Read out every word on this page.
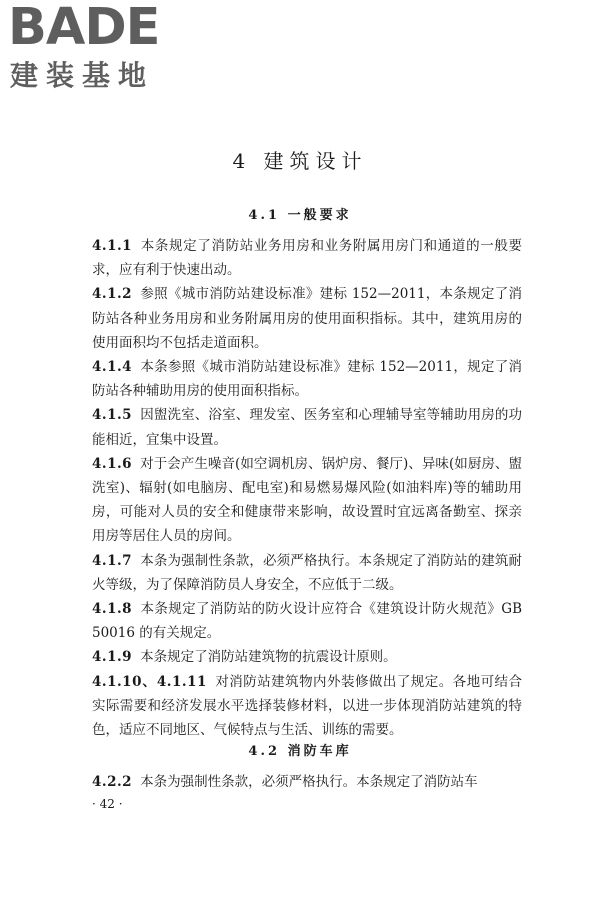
BADE
建装基地
4 建筑设计
4.1 一般要求

4.1.1 本条规定了消防站业务用房和业务附属用房门和通道的一般要求，应有利于快速出动。

4.1.2 参照《城市消防站建设标准》建标 152—2011，本条规定了消防站各种业务用房和业务附属用房的使用面积指标。其中，建筑用房的使用面积均不包括走道面积。

4.1.4 本条参照《城市消防站建设标准》建标 152—2011，规定了消防站各种辅助用房的使用面积指标。

4.1.5 因盥洗室、浴室、理发室、医务室和心理辅导室等辅助用房的功能相近，宜集中设置。

4.1.6 对于会产生噪音(如空调机房、锅炉房、餐厅)、异味(如厨房、盥洗室)、辐射(如电脑房、配电室)和易燃易爆风险(如油料库)等的辅助用房，可能对人员的安全和健康带来影响，故设置时宜远离备勤室、探亲用房等居住人员的房间。

4.1.7 本条为强制性条款，必须严格执行。本条规定了消防站的建筑耐火等级，为了保障消防员人身安全，不应低于二级。

4.1.8 本条规定了消防站的防火设计应符合《建筑设计防火规范》GB 50016 的有关规定。

4.1.9 本条规定了消防站建筑物的抗震设计原则。

4.1.10、4.1.11 对消防站建筑物内外装修做出了规定。各地可结合实际需要和经济发展水平选择装修材料，以进一步体现消防站建筑的特色，适应不同地区、气候特点与生活、训练的需要。

4.2 消防车库

4.2.2 本条为强制性条款，必须严格执行。本条规定了消防站车

· 42 ·
